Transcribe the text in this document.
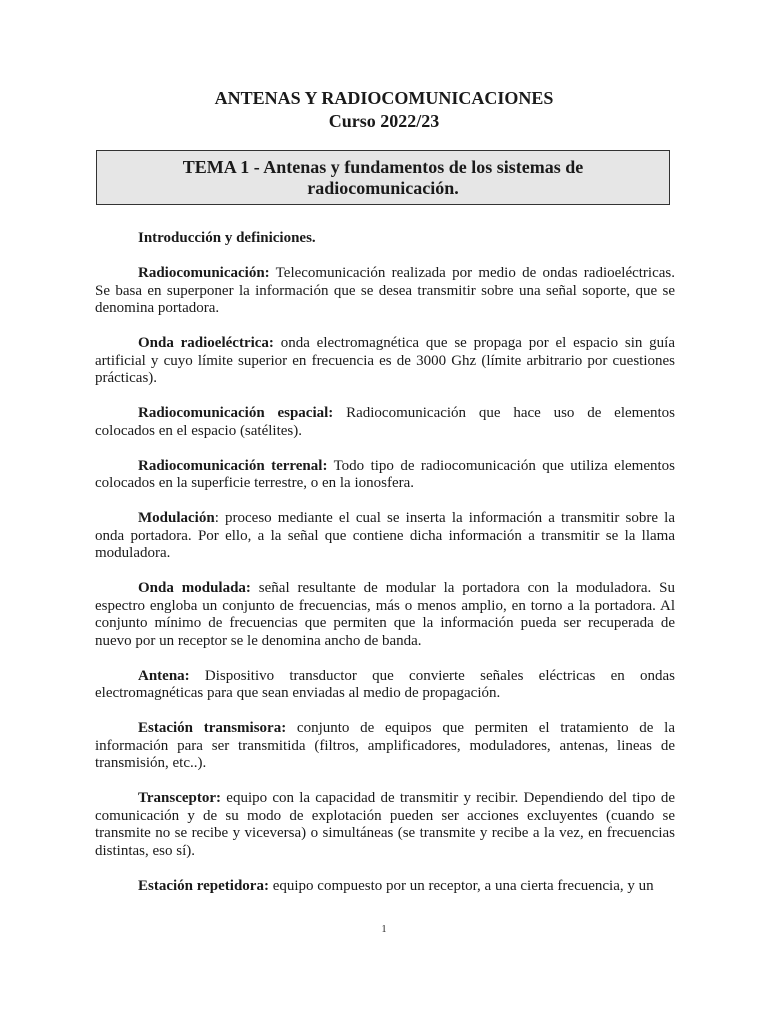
ANTENAS Y RADIOCOMUNICACIONES
Curso 2022/23
TEMA 1 - Antenas y fundamentos de los sistemas de radiocomunicación.

Introducción y definiciones.

Radiocomunicación: Telecomunicación realizada por medio de ondas radioeléctricas. Se basa en superponer la información que se desea transmitir sobre una señal soporte, que se denomina portadora.

Onda radioeléctrica: onda electromagnética que se propaga por el espacio sin guía artificial y cuyo límite superior en frecuencia es de 3000 Ghz (límite arbitrario por cuestiones prácticas).

Radiocomunicación espacial: Radiocomunicación que hace uso de elementos colocados en el espacio (satélites).

Radiocomunicación terrenal: Todo tipo de radiocomunicación que utiliza elementos colocados en la superficie terrestre, o en la ionosfera.

Modulación: proceso mediante el cual se inserta la información a transmitir sobre la onda portadora. Por ello, a la señal que contiene dicha información a transmitir se la llama moduladora.

Onda modulada: señal resultante de modular la portadora con la moduladora. Su espectro engloba un conjunto de frecuencias, más o menos amplio, en torno a la portadora. Al conjunto mínimo de frecuencias que permiten que la información pueda ser recuperada de nuevo por un receptor se le denomina ancho de banda.

Antena: Dispositivo transductor que convierte señales eléctricas en ondas electromagnéticas para que sean enviadas al medio de propagación.

Estación transmisora: conjunto de equipos que permiten el tratamiento de la información para ser transmitida (filtros, amplificadores, moduladores, antenas, lineas de transmisión, etc..).

Transceptor: equipo con la capacidad de transmitir y recibir. Dependiendo del tipo de comunicación y de su modo de explotación pueden ser acciones excluyentes (cuando se transmite no se recibe y viceversa) o simultáneas (se transmite y recibe a la vez, en frecuencias distintas, eso sí).

Estación repetidora: equipo compuesto por un receptor, a una cierta frecuencia, y un

1
